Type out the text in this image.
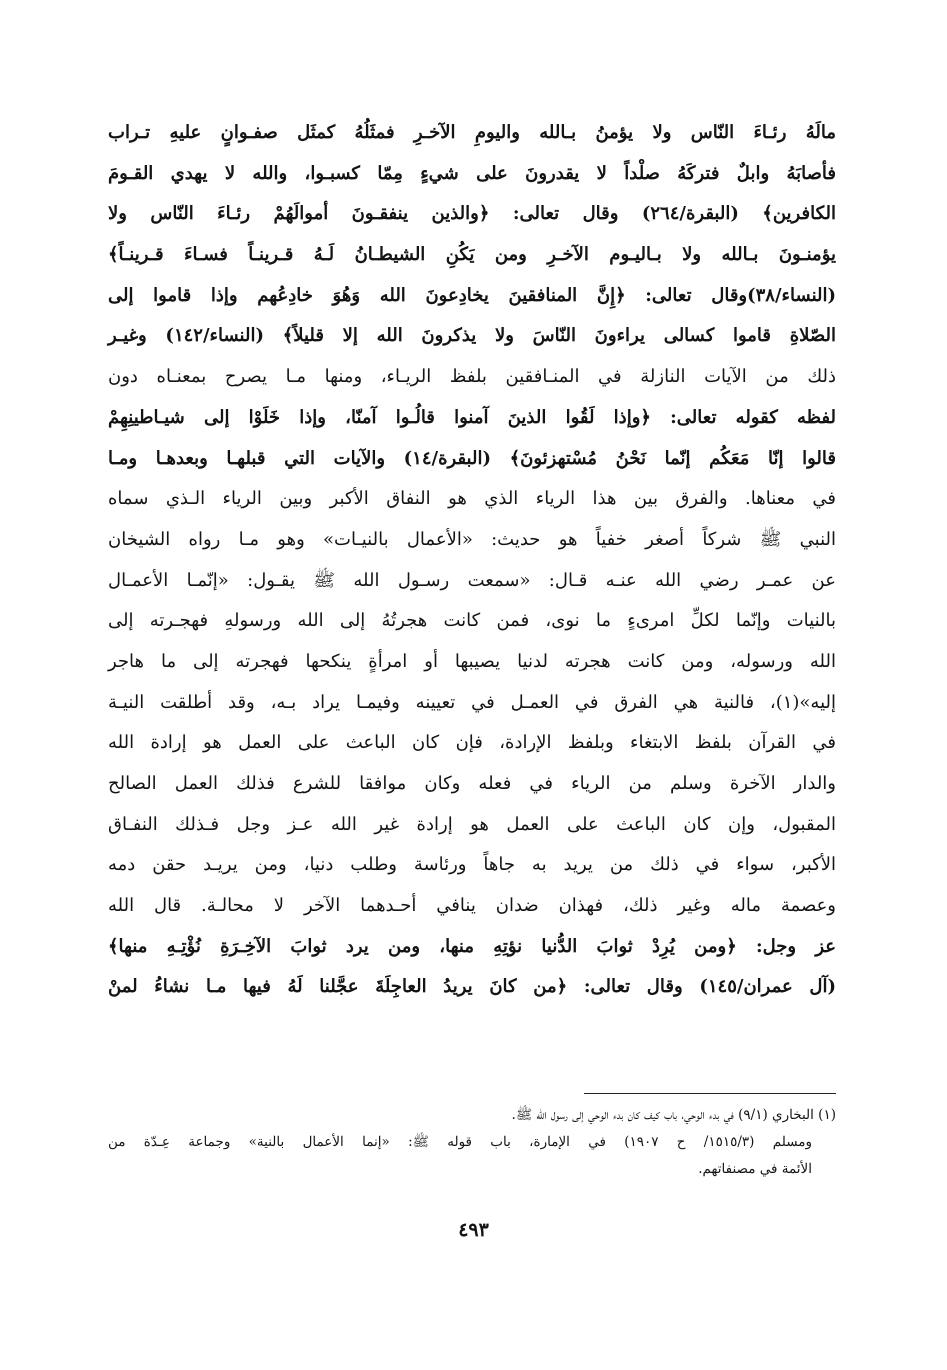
مالَهُ رئـاءَ النّاس ولا يؤمنُ بـالله واليومِ الآخـرِ فمثَلُهُ كمثَل صفـوانٍ عليهِ تـراب
فأصابَهُ وابلٌ فتركَهُ صلْداً لا يقدرونَ على شيءٍ مِمّا كسبـوا، والله لا يهدي القـومَ
الكافرين﴾ (البقرة/٢٦٤) وقال تعالى: ﴿والذين ينفقـونَ أموالَهُمْ رئـاءَ النّاس ولا
يؤمنـونَ بـالله ولا بـاليـوم الآخـرِ ومن يَكُنِ الشيطـانُ لَـهُ قـرينـاً فسـاءَ قـرينـاً﴾
(النساء/٣٨)وقال تعالى: ﴿إِنَّ المنافقينَ يخادِعونَ الله وَهُوَ خادِعُهم وإذا قاموا إلى
الصّلاةِ قاموا كسالى يراءونَ النّاسَ ولا يذكرونَ الله إلا قليلاً﴾ (النساء/١٤٢) وغيـر
ذلك من الآيات النازلة في المنـافقين بلفظ الريـاء، ومنها مـا يصرح بمعنـاه دون
لفظه كقوله تعالى: ﴿وإذا لَقُوا الذينَ آمنوا قالُـوا آمنّا، وإذا خَلَوْا إلى شيـاطينِهِمْ
قالوا إنّا مَعَكُم إنّما نَحْنُ مُسْتهزئونَ﴾ (البقرة/١٤) والآيات التي قبلهـا وبعدهـا ومـا
في معناها. والفرق بين هذا الرياء الذي هو النفاق الأكبر وبين الرياء الـذي سماه
النبي ﷺ شركاً أصغر خفياً هو حديث: «الأعمال بالنيـات» وهو مـا رواه الشيخان
عن عمـر رضي الله عنـه قـال: «سمعت رسـول الله ﷺ يقـول: «إنّمـا الأعمـال
بالنيات وإنّما لكلِّ امرىءٍ ما نوى، فمن كانت هجرتُهُ إلى الله ورسولهِ فهجـرته إلى
الله ورسوله، ومن كانت هجرته لدنيا يصيبها أو امرأةٍ ينكحها فهجرته إلى ما هاجر
إليه»(١)، فالنية هي الفرق في العمـل في تعيينه وفيمـا يراد بـه، وقد أطلقت النيـة
في القرآن بلفظ الابتغاء وبلفظ الإرادة، فإن كان الباعث على العمل هو إرادة الله
والدار الآخرة وسلم من الرياء في فعله وكان موافقا للشرع فذلك العمل الصالح
المقبول، وإن كان الباعث على العمل هو إرادة غير الله عـز وجل فـذلك النفـاق
الأكبر، سواء في ذلك من يريد به جاهاً ورئاسة وطلب دنيا، ومن يريـد حقن دمه
وعصمة ماله وغير ذلك، فهذان ضدان ينافي أحـدهما الآخر لا محالـة. قال الله
عز وجل: ﴿ومن يُرِدْ ثوابَ الدُّنيا نؤتِهِ منها، ومن يرد ثوابَ الآخِـرَةِ نُؤْتِـهِ منها﴾
(آل عمران/١٤٥) وقال تعالى: ﴿من كانَ يريدُ العاجِلَةَ عجَّلنا لَهُ فيها مـا نشاءُ لمنْ
(١) البخاري (٩/١) في بدء الوحي، باب كيف كان بدء الوحي إلى رسول الله ﷺ.
ومسلم (١٥١٥/٣/ ح ١٩٠٧) في الإمارة، باب قوله ﷺ: «إنما الأعمال بالنية» وجماعة عِـدّة من
الأئمة في مصنفاتهم.
٤٩٣
